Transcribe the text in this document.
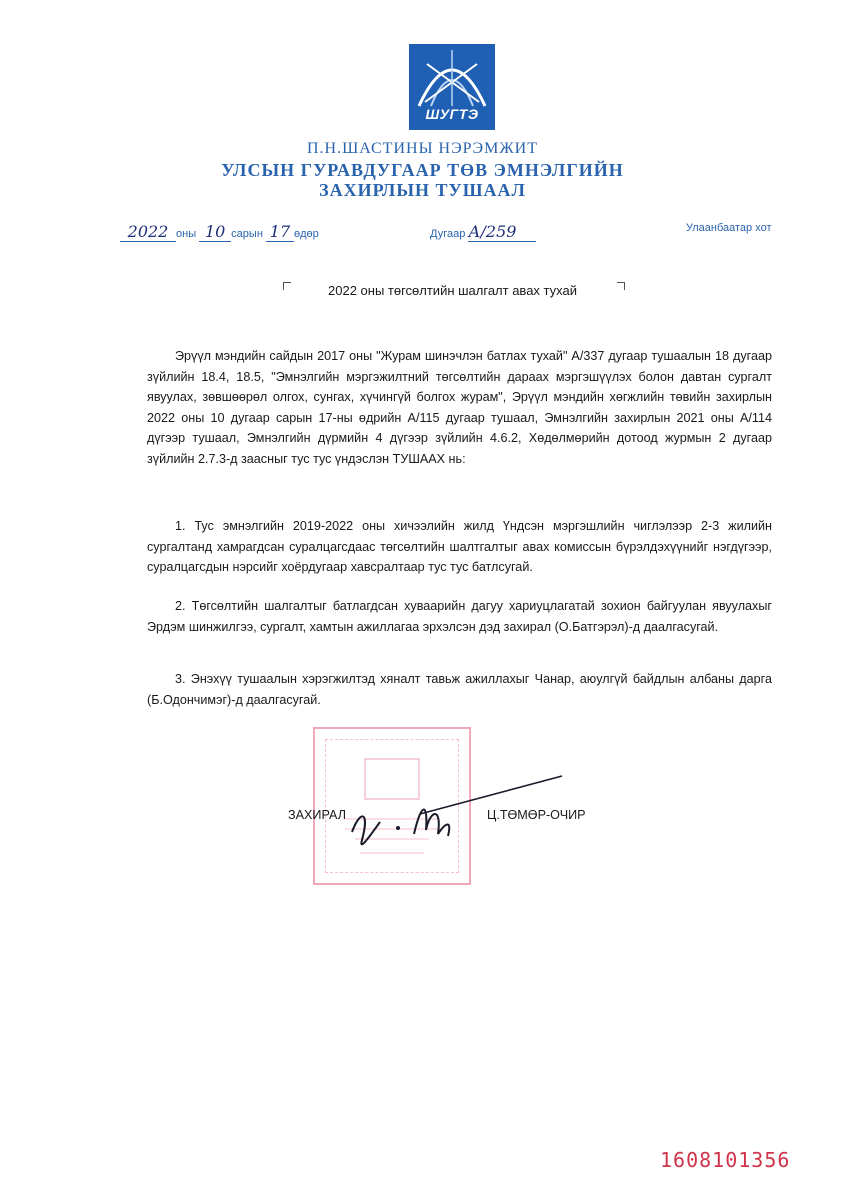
ШУГТЭ
П.Н.ШАСТИНЫ НЭРЭМЖИТ
УЛСЫН ГУРАВДУГААР ТӨВ ЭМНЭЛГИЙН
ЗАХИРЛЫН ТУШААЛ
2022 оны 10 сарын 17 өдөр	Дугаар А/259	Улаанбаатар хот
2022 оны төгсөлтийн шалгалт авах тухай
Эрүүл мэндийн сайдын 2017 оны "Журам шинэчлэн батлах тухай" А/337 дугаар тушаалын 18 дугаар зүйлийн 18.4, 18.5, "Эмнэлгийн мэргэжилтний төгсөлтийн дараах мэргэшүүлэх болон давтан сургалт явуулах, зөвшөөрөл олгох, сунгах, хүчингүй болгох журам", Эрүүл мэндийн хөгжлийн төвийн захирлын 2022 оны 10 дугаар сарын 17-ны өдрийн А/115 дугаар тушаал, Эмнэлгийн захирлын 2021 оны А/114 дүгээр тушаал, Эмнэлгийн дүрмийн 4 дүгээр зүйлийн 4.6.2, Хөдөлмөрийн дотоод журмын 2 дугаар зүйлийн 2.7.3-д заасныг тус тус үндэслэн ТУШААХ нь:
1. Тус эмнэлгийн 2019-2022 оны хичээлийн жилд Үндсэн мэргэшлийн чиглэлээр 2-3 жилийн сургалтанд хамрагдсан суралцагсдаас төгсөлтийн шалтгалтыг авах комиссын бүрэлдэхүүнийг нэгдүгээр, суралцагсдын нэрсийг хоёрдугаар хавсралтаар тус тус батлсугай.
2. Төгсөлтийн шалгалтыг батлагдсан хуваарийн дагуу хариуцлагатай зохион байгуулан явуулахыг Эрдэм шинжилгээ, сургалт, хамтын ажиллагаа эрхэлсэн дэд захирал (О.Батгэрэл)-д даалгасугай.
3. Энэхүү тушаалын хэрэгжилтэд хяналт тавьж ажиллахыг Чанар, аюулгүй байдлын албаны дарга (Б.Одончимэг)-д даалгасугай.
ЗАХИРАЛ	Ц.ТӨМӨР-ОЧИР
1608101356
